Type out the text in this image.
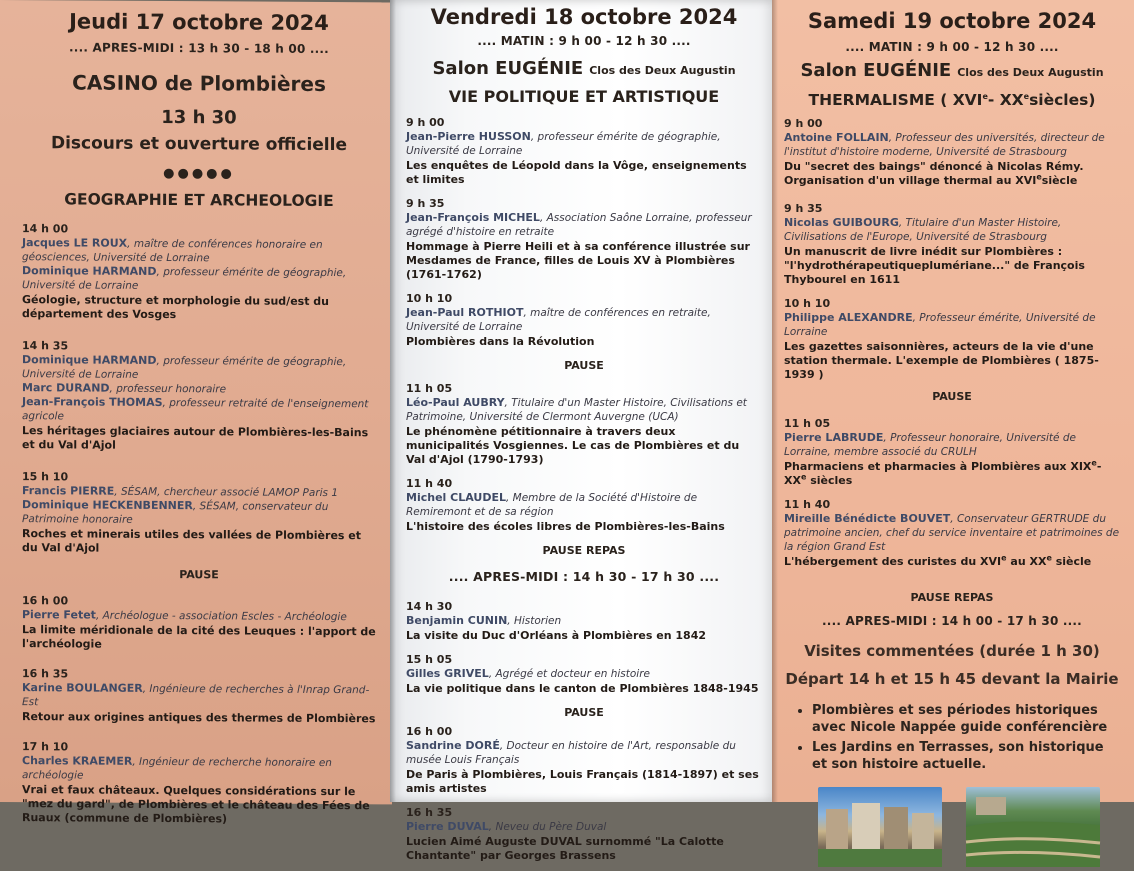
Jeudi 17 octobre 2024
.... APRES-MIDI : 13 h 30 - 18 h 00 ....
CASINO de Plombières
13 h 30
Discours et ouverture officielle
●●●●●
GEOGRAPHIE ET ARCHEOLOGIE
14 h 00
Jacques LE ROUX, maître de conférences honoraire en géosciences, Université de Lorraine
Dominique HARMAND, professeur émérite de géographie, Université de Lorraine
Géologie, structure et morphologie du sud/est du département des Vosges
14 h 35
Dominique HARMAND, professeur émérite de géographie, Université de Lorraine
Marc DURAND, professeur honoraire
Jean-François THOMAS, professeur retraité de l'enseignement agricole
Les héritages glaciaires autour de Plombières-les-Bains et du Val d'Ajol
15 h 10
Francis PIERRE, SÉSAM, chercheur associé LAMOP Paris 1
Dominique HECKENBENNER, SÉSAM, conservateur du Patrimoine honoraire
Roches et minerais utiles des vallées de Plombières et du Val d'Ajol
PAUSE
16 h 00
Pierre Fetet, Archéologue - association Escles - Archéologie
La limite méridionale de la cité des Leuques : l'apport de l'archéologie
16 h 35
Karine BOULANGER, Ingénieure de recherches à l'Inrap Grand-Est
Retour aux origines antiques des thermes de Plombières
17 h 10
Charles KRAEMER, Ingénieur de recherche honoraire en archéologie
Vrai et faux châteaux. Quelques considérations sur le "mez du gard", de Plombières et le château des Fées de Ruaux (commune de Plombières)
Vendredi 18 octobre 2024
.... MATIN : 9 h 00 - 12 h 30 ....
Salon EUGÉNIE Clos des Deux Augustin
VIE POLITIQUE ET ARTISTIQUE
9 h 00
Jean-Pierre HUSSON, professeur émérite de géographie, Université de Lorraine
Les enquêtes de Léopold dans la Vôge, enseignements et limites
9 h 35
Jean-François MICHEL, Association Saône Lorraine, professeur agrégé d'histoire en retraite
Hommage à Pierre Heili et à sa conférence illustrée sur Mesdames de France, filles de Louis XV à Plombières (1761-1762)
10 h 10
Jean-Paul ROTHIOT, maître de conférences en retraite, Université de Lorraine
Plombières dans la Révolution
PAUSE
11 h 05
Léo-Paul AUBRY, Titulaire d'un Master Histoire, Civilisations et Patrimoine, Université de Clermont Auvergne (UCA)
Le phénomène pétitionnaire à travers deux municipalités Vosgiennes. Le cas de Plombières et du Val d'Ajol (1790-1793)
11 h 40
Michel CLAUDEL, Membre de la Société d'Histoire de Remiremont et de sa région
L'histoire des écoles libres de Plombières-les-Bains
PAUSE REPAS
.... APRES-MIDI : 14 h 30 - 17 h 30 ....
14 h 30
Benjamin CUNIN, Historien
La visite du Duc d'Orléans à Plombières en 1842
15 h 05
Gilles GRIVEL, Agrégé et docteur en histoire
La vie politique dans le canton de Plombières 1848-1945
PAUSE
16 h 00
Sandrine DORÉ, Docteur en histoire de l'Art, responsable du musée Louis Français
De Paris à Plombières, Louis Français (1814-1897) et ses amis artistes
16 h 35
Pierre DUVAL, Neveu du Père Duval
Lucien Aimé Auguste DUVAL surnommé "La Calotte Chantante" par Georges Brassens
Samedi 19 octobre 2024
.... MATIN : 9 h 00 - 12 h 30 ....
Salon EUGÉNIE Clos des Deux Augustin
THERMALISME ( XVIe- XXesiècles)
9 h 00
Antoine FOLLAIN, Professeur des universités, directeur de l'institut d'histoire moderne, Université de Strasbourg
Du "secret des baings" dénoncé à Nicolas Rémy. Organisation d'un village thermal au XVIesiècle
9 h 35
Nicolas GUIBOURG, Titulaire d'un Master Histoire, Civilisations de l'Europe, Université de Strasbourg
Un manuscrit de livre inédit sur Plombières : "l'hydrothérapeutiqueplumériane..." de François Thybourel en 1611
10 h 10
Philippe ALEXANDRE, Professeur émérite, Université de Lorraine
Les gazettes saisonnières, acteurs de la vie d'une station thermale. L'exemple de Plombières ( 1875-1939 )
PAUSE
11 h 05
Pierre LABRUDE, Professeur honoraire, Université de Lorraine, membre associé du CRULH
Pharmaciens et pharmacies à Plombières aux XIXe- XXe siècles
11 h 40
Mireille Bénédicte BOUVET, Conservateur GERTRUDE du patrimoine ancien, chef du service inventaire et patrimoines de la région Grand Est
L'hébergement des curistes du XVIe au XXe siècle
PAUSE REPAS
.... APRES-MIDI : 14 h 00 - 17 h 30 ....
Visites commentées (durée 1 h 30)
Départ 14 h et 15 h 45 devant la Mairie
• Plombières et ses périodes historiques avec Nicole Nappée guide conférencière
• Les Jardins en Terrasses, son historique et son histoire actuelle.
